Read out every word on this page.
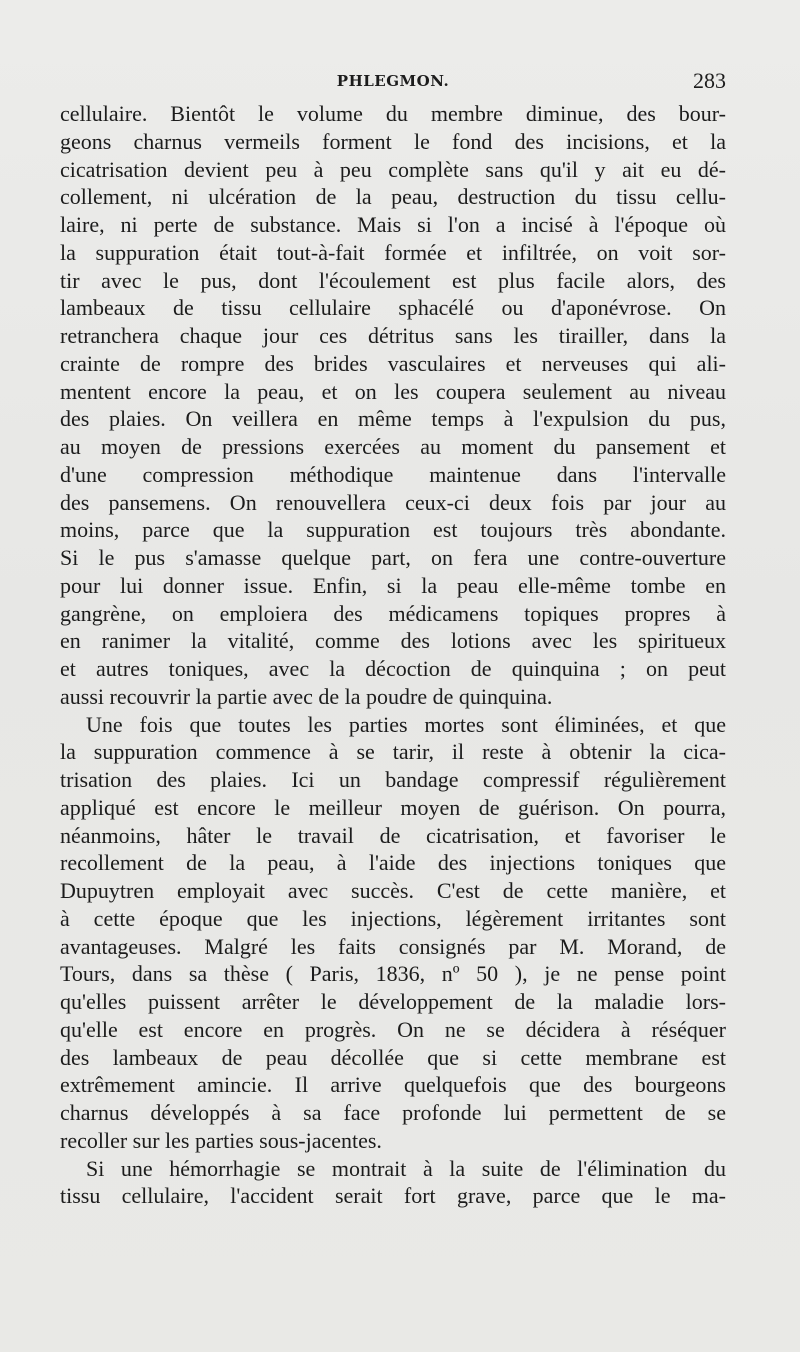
PHLEGMON.	283
cellulaire. Bientôt le volume du membre diminue, des bour-
geons charnus vermeils forment le fond des incisions, et la
cicatrisation devient peu à peu complète sans qu'il y ait eu dé-
collement, ni ulcération de la peau, destruction du tissu cellu-
laire, ni perte de substance. Mais si l'on a incisé à l'époque où
la suppuration était tout-à-fait formée et infiltrée, on voit sor-
tir avec le pus, dont l'écoulement est plus facile alors, des
lambeaux de tissu cellulaire sphacélé ou d'aponévrose. On
retranchera chaque jour ces détritus sans les tirailler, dans la
crainte de rompre des brides vasculaires et nerveuses qui ali-
mentent encore la peau, et on les coupera seulement au niveau
des plaies. On veillera en même temps à l'expulsion du pus,
au moyen de pressions exercées au moment du pansement et
d'une compression méthodique maintenue dans l'intervalle
des pansemens. On renouvellera ceux-ci deux fois par jour au
moins, parce que la suppuration est toujours très abondante.
Si le pus s'amasse quelque part, on fera une contre-ouverture
pour lui donner issue. Enfin, si la peau elle-même tombe en
gangrène, on emploiera des médicamens topiques propres à
en ranimer la vitalité, comme des lotions avec les spiritueux
et autres toniques, avec la décoction de quinquina ; on peut
aussi recouvrir la partie avec de la poudre de quinquina.
Une fois que toutes les parties mortes sont éliminées, et que
la suppuration commence à se tarir, il reste à obtenir la cica-
trisation des plaies. Ici un bandage compressif régulièrement
appliqué est encore le meilleur moyen de guérison. On pourra,
néanmoins, hâter le travail de cicatrisation, et favoriser le
recollement de la peau, à l'aide des injections toniques que
Dupuytren employait avec succès. C'est de cette manière, et
à cette époque que les injections, légèrement irritantes sont
avantageuses. Malgré les faits consignés par M. Morand, de
Tours, dans sa thèse ( Paris, 1836, nº 50 ), je ne pense point
qu'elles puissent arrêter le développement de la maladie lors-
qu'elle est encore en progrès. On ne se décidera à réséquer
des lambeaux de peau décollée que si cette membrane est
extrêmement amincie. Il arrive quelquefois que des bourgeons
charnus développés à sa face profonde lui permettent de se
recoller sur les parties sous-jacentes.
Si une hémorrhagie se montrait à la suite de l'élimination du
tissu cellulaire, l'accident serait fort grave, parce que le ma-
